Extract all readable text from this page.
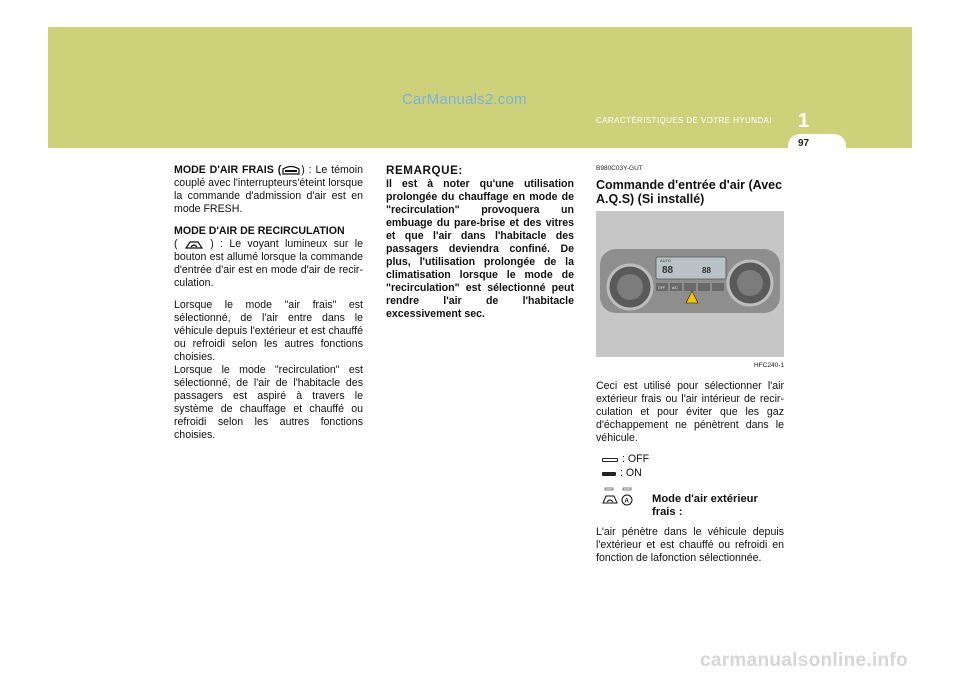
CarManuals2.com
CARACTÉRISTIQUES DE VOTRE HYUNDAI 1
97

MODE D'AIR FRAIS ( ) : Le témoin couplé avec l'interrupteurs'éteint lorsque la commande d'admission d'air est en mode FRESH.

MODE D'AIR DE RECIRCULATION
(	) : Le voyant lumineux sur le bouton est allumé lorsque la commande d'entrée d'air est en mode d'air de recir- culation.

Lorsque le mode "air frais" est sélectionné, de l'air entre dans le véhicule depuis l'extérieur et est chauffé ou refroidi selon les autres fonctions choisies.

Lorsque le mode "recirculation" est sélectionné, de l'air de l'habitacle des passagers est aspiré à travers le système de chauffage et chauffé ou refroidi selon les autres fonctions choisies.

REMARQUE:
Il est à noter qu'une utilisation prolongée du chauffage en mode de "recirculation" provoquera un embuage du pare-brise et des vitres et que l'air dans l'habitacle des passagers deviendra confiné. De plus, l'utilisation prolongée de la climatisation lorsque le mode de "recirculation" est sélectionné peut rendre l'air de l'habitacle excessivement sec.
B980C03Y-GUT
Commande d'entrée d'air (Avec A.Q.S) (Si installé)
AUTO
88	88
OFF A/C
HFC240-1

Ceci est utilisé pour sélectionner l'air extérieur frais ou l'air intérieur de recir- culation et pour éviter que les gaz d'échappement ne pénètrent dans le véhicule.

: OFF
: ON
A Mode d'air extérieur frais :

L'air pénètre dans le véhicule depuis l'extérieur et est chauffé ou refroidi en fonction de lafonction sélectionnée.

carmanualsonline.info
